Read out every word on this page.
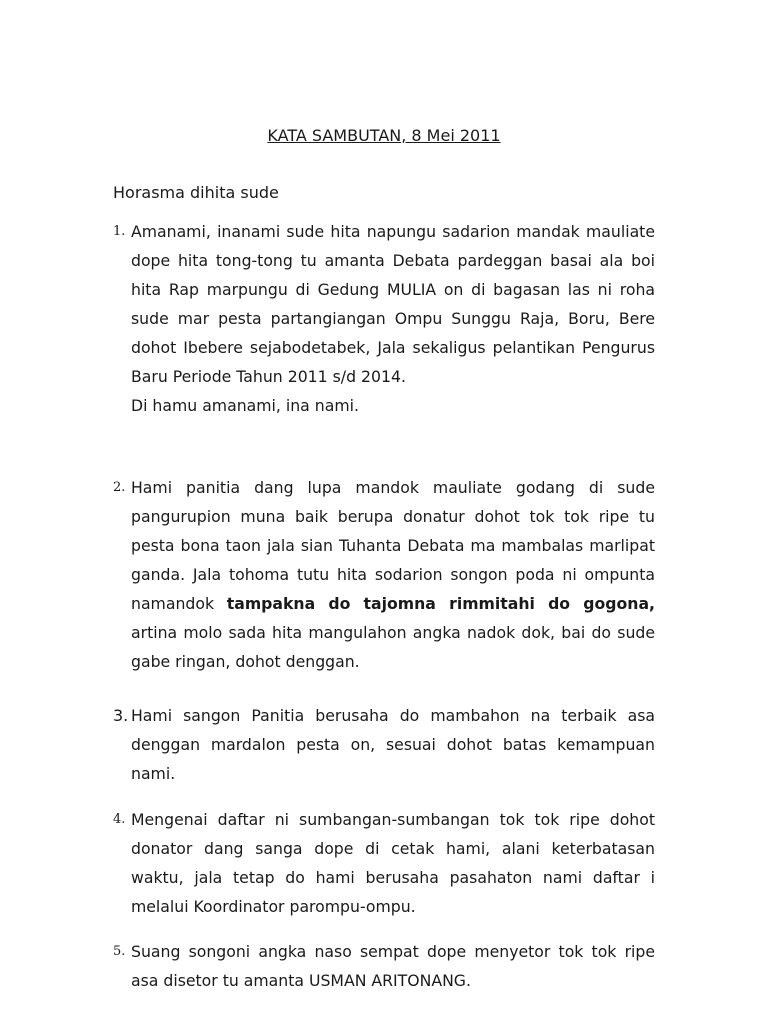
KATA SAMBUTAN, 8 Mei 2011
Horasma dihita sude
1. Amanami, inanami sude hita napungu sadarion mandak mauliate dope hita tong-tong tu amanta Debata pardeggan basai ala boi hita Rap marpungu di Gedung MULIA on di bagasan las ni roha sude mar pesta partangiangan Ompu Sunggu Raja, Boru, Bere dohot Ibebere sejabodetabek, Jala sekaligus pelantikan Pengurus Baru Periode Tahun 2011 s/d 2014.

Di hamu amanami, ina nami.

2. Hami panitia dang lupa mandok mauliate godang di sude pangurupion muna baik berupa donatur dohot tok tok ripe tu pesta bona taon jala sian Tuhanta Debata ma mambalas marlipat ganda. Jala tohoma tutu hita sodarion songon poda ni ompunta namandok tampakna do tajomna rimmitahi do gogona, artina molo sada hita mangulahon angka nadok dok, bai do sude gabe ringan, dohot denggan.

3. Hami sangon Panitia berusaha do mambahon na terbaik asa denggan mardalon pesta on, sesuai dohot batas kemampuan nami.

4. Mengenai daftar ni sumbangan-sumbangan tok tok ripe dohot donator dang sanga dope di cetak hami, alani keterbatasan waktu, jala tetap do hami berusaha pasahaton nami daftar i melalui Koordinator parompu-ompu.

5. Suang songoni angka naso sempat dope menyetor tok tok ripe asa disetor tu amanta USMAN ARITONANG.
